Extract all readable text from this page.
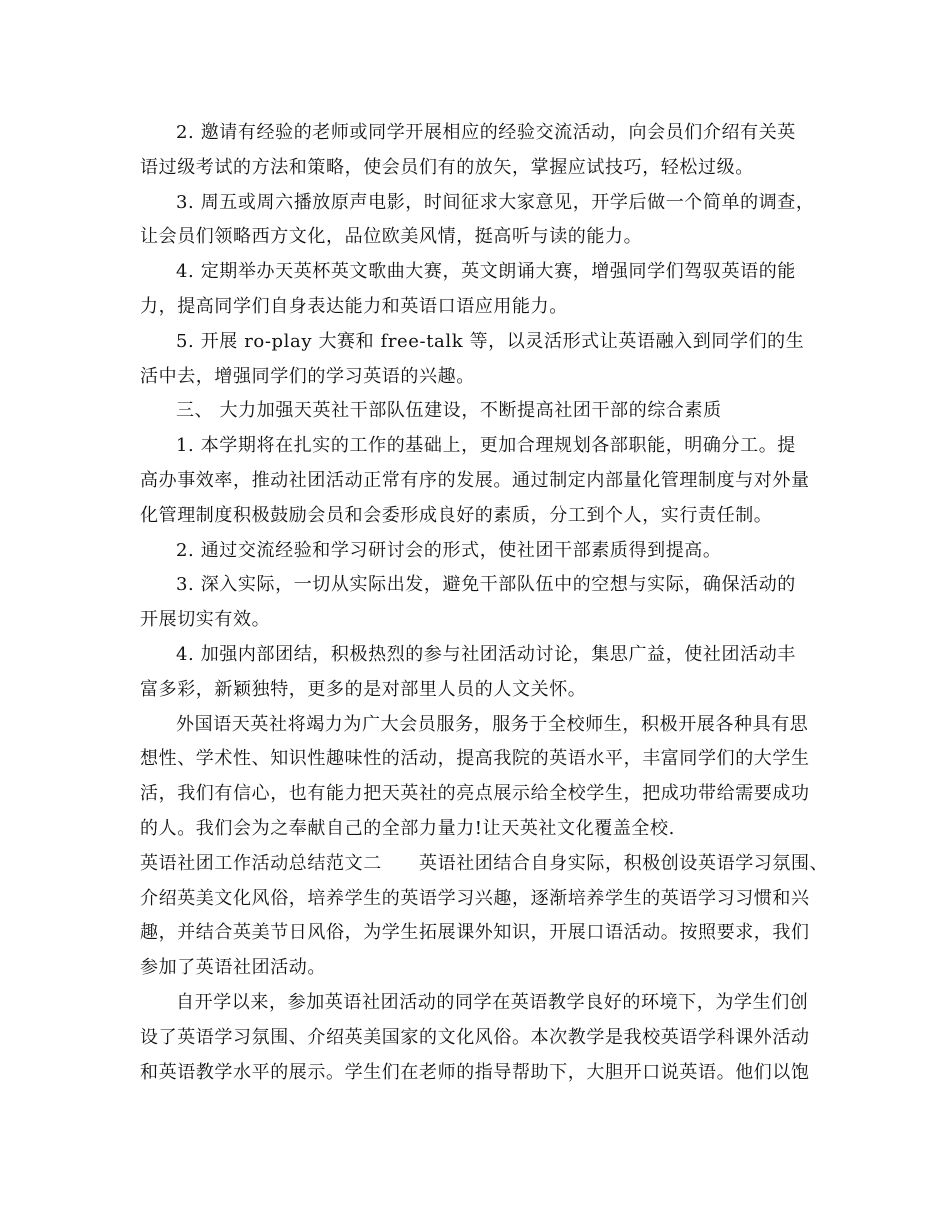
2. 邀请有经验的老师或同学开展相应的经验交流活动，向会员们介绍有关英
语过级考试的方法和策略，使会员们有的放矢，掌握应试技巧，轻松过级。
3. 周五或周六播放原声电影，时间征求大家意见，开学后做一个简单的调查，
让会员们领略西方文化，品位欧美风情，挺高听与读的能力。
4. 定期举办天英杯英文歌曲大赛，英文朗诵大赛，增强同学们驾驭英语的能
力，提高同学们自身表达能力和英语口语应用能力。
5. 开展 ro-play 大赛和 free-talk 等，以灵活形式让英语融入到同学们的生
活中去，增强同学们的学习英语的兴趣。
三、 大力加强天英社干部队伍建设，不断提高社团干部的综合素质
1. 本学期将在扎实的工作的基础上，更加合理规划各部职能，明确分工。提
高办事效率，推动社团活动正常有序的发展。通过制定内部量化管理制度与对外量
化管理制度积极鼓励会员和会委形成良好的素质，分工到个人，实行责任制。
2. 通过交流经验和学习研讨会的形式，使社团干部素质得到提高。
3. 深入实际，一切从实际出发，避免干部队伍中的空想与实际，确保活动的
开展切实有效。
4. 加强内部团结，积极热烈的参与社团活动讨论，集思广益，使社团活动丰
富多彩，新颖独特，更多的是对部里人员的人文关怀。
外国语天英社将竭力为广大会员服务，服务于全校师生，积极开展各种具有思
想性、学术性、知识性趣味性的活动，提高我院的英语水平，丰富同学们的大学生
活，我们有信心，也有能力把天英社的亮点展示给全校学生，把成功带给需要成功
的人。我们会为之奉献自己的全部力量力!让天英社文化覆盖全校.
英语社团工作活动总结范文二　　英语社团结合自身实际，积极创设英语学习氛围、
介绍英美文化风俗，培养学生的英语学习兴趣，逐渐培养学生的英语学习习惯和兴
趣，并结合英美节日风俗，为学生拓展课外知识，开展口语活动。按照要求，我们
参加了英语社团活动。
自开学以来，参加英语社团活动的同学在英语教学良好的环境下，为学生们创
设了英语学习氛围、介绍英美国家的文化风俗。本次教学是我校英语学科课外活动
和英语教学水平的展示。学生们在老师的指导帮助下，大胆开口说英语。他们以饱
